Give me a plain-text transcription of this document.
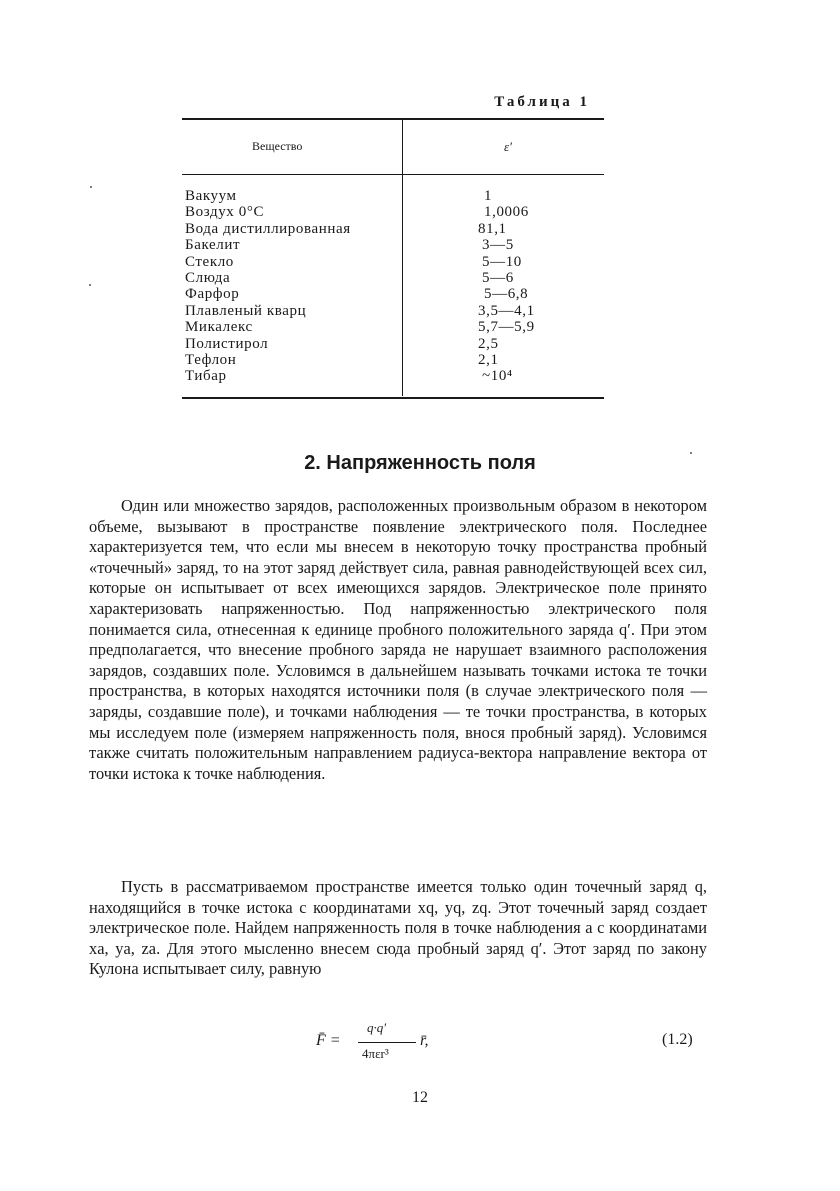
Таблица 1
Вещество	ε′
Вакуум	1
Воздух 0°С	1,0006
Вода дистиллированная	81,1
Бакелит	3—5
Стекло	5—10
Слюда	5—6
Фарфор	5—6,8
Плавленый кварц	3,5—4,1
Микалекс	5,7—5,9
Полистирол	2,5
Тефлон	2,1
Тибар	~10⁴
2. Напряженность поля

Один или множество зарядов, расположенных произвольным образом в некотором объеме, вызывают в пространстве появление электрического поля. Последнее характеризуется тем, что если мы внесем в некоторую точку пространства пробный «точечный» заряд, то на этот заряд действует сила, равная равнодействующей всех сил, которые он испытывает от всех имеющихся зарядов. Электрическое поле принято характеризовать напряженностью. Под напряженностью электрического поля понимается сила, отнесенная к единице пробного положительного заряда q′. При этом предполагается, что внесение пробного заряда не нарушает взаимного расположения зарядов, создавших поле. Условимся в дальнейшем называть точками истока те точки пространства, в которых находятся источники поля (в случае электрического поля — заряды, создавшие поле), и точками наблюдения — те точки пространства, в которых мы исследуем поле (измеряем напряженность поля, внося пробный заряд). Условимся также считать положительным направлением радиуса-вектора направление вектора от точки истока к точке наблюдения.

Пусть в рассматриваемом пространстве имеется только один точечный заряд q, находящийся в точке истока с координатами xq, yq, zq. Этот точечный заряд создает электрическое поле. Найдем напряженность поля в точке наблюдения a с координатами xa, ya, za. Для этого мысленно внесем сюда пробный заряд q′. Этот заряд по закону Кулона испытывает силу, равную

F̄ =
q·q′
4πεr³
r̄,	(1.2)
12
